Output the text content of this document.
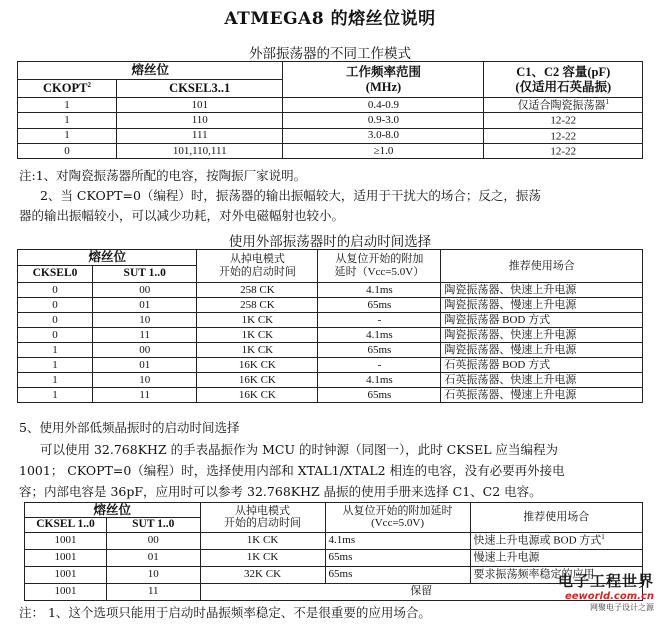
ATMEGA8 的熔丝位说明
外部振荡器的不同工作模式
熔丝位		工作频率范围
(MHz)	C1、C2 容量(pF)
(仅适用石英晶振)
CKOPT$^2$	CKSEL3..1		
1	101	0.4-0.9	仅适合陶瓷振荡器$^1$
1	110	0.9-3.0	12-22
1	111	3.0-8.0	12-22
0	101,110,111	≥1.0	12-22
注:1、对陶瓷振荡器所配的电容，按陶振厂家说明。
2、当 CKOPT=0（编程）时，振荡器的输出振幅较大，适用于干扰大的场合；反之，振荡
器的输出振幅较小，可以减少功耗，对外电磁幅射也较小。
使用外部振荡器时的启动时间选择
熔丝位		从掉电模式
开始的启动时间	从复位开始的附加
延时（Vcc=5.0V）	推荐使用场合
CKSEL0	SUT 1..0			
0	00	258 CK	4.1ms	陶瓷振荡器、快速上升电源
0	01	258 CK	65ms	陶瓷振荡器、慢速上升电源
0	10	1K CK	-	陶瓷振荡器 BOD 方式
0	11	1K CK	4.1ms	陶瓷振荡器、快速上升电源
1	00	1K CK	65ms	陶瓷振荡器、慢速上升电源
1	01	16K CK	-	石英振荡器 BOD 方式
1	10	16K CK	4.1ms	石英振荡器、快速上升电源
1	11	16K CK	65ms	石英振荡器、慢速上升电源
5、使用外部低频晶振时的启动时间选择
可以使用 32.768KHZ 的手表晶振作为 MCU 的时钟源（同图一），此时 CKSEL 应当编程为
1001； CKOPT=0（编程）时，选择使用内部和 XTAL1/XTAL2 相连的电容，没有必要再外接电
容；内部电容是 36pF，应用时可以参考 32.768KHZ 晶振的使用手册来选择 C1、C2 电容。
熔丝位		从掉电模式
开始的启动时间	从复位开始的附加延时
(Vcc=5.0V)	推荐使用场合
CKSEL 1..0	SUT 1..0			
1001	00	1K CK	4.1ms	快速上升电源或 BOD 方式$^1$
1001	01	1K CK	65ms	慢速上升电源
1001	10	32K CK	65ms	要求振荡频率稳定的应用
1001	11	保留		
注： 1、这个选项只能用于启动时晶振频率稳定、不是很重要的应用场合。
电子工程世界
eeworld.com.cn
网聚电子设计之源
